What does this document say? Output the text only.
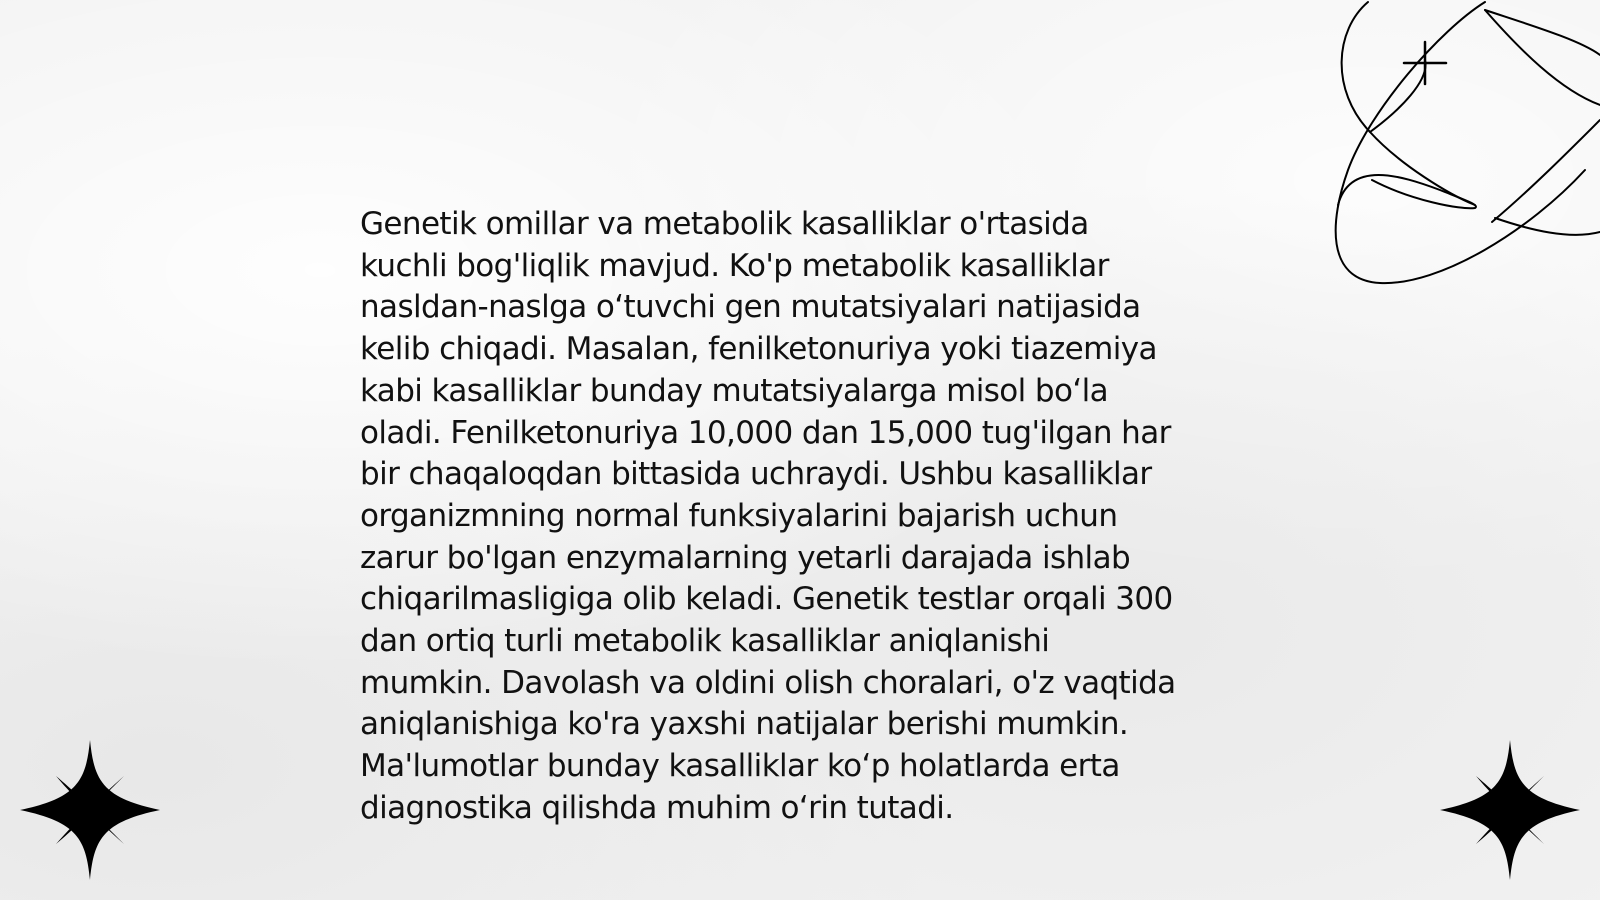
Genetik omillar va metabolik kasalliklar o'rtasida
kuchli bog'liqlik mavjud. Ko'p metabolik kasalliklar
nasldan-naslga o‘tuvchi gen mutatsiyalari natijasida
kelib chiqadi. Masalan, fenilketonuriya yoki tiazemiya
kabi kasalliklar bunday mutatsiyalarga misol bo‘la
oladi. Fenilketonuriya 10,000 dan 15,000 tug'ilgan har
bir chaqaloqdan bittasida uchraydi. Ushbu kasalliklar
organizmning normal funksiyalarini bajarish uchun
zarur bo'lgan enzymalarning yetarli darajada ishlab
chiqarilmasligiga olib keladi. Genetik testlar orqali 300
dan ortiq turli metabolik kasalliklar aniqlanishi
mumkin. Davolash va oldini olish choralari, o'z vaqtida
aniqlanishiga ko'ra yaxshi natijalar berishi mumkin.
Ma'lumotlar bunday kasalliklar ko‘p holatlarda erta
diagnostika qilishda muhim o‘rin tutadi.
